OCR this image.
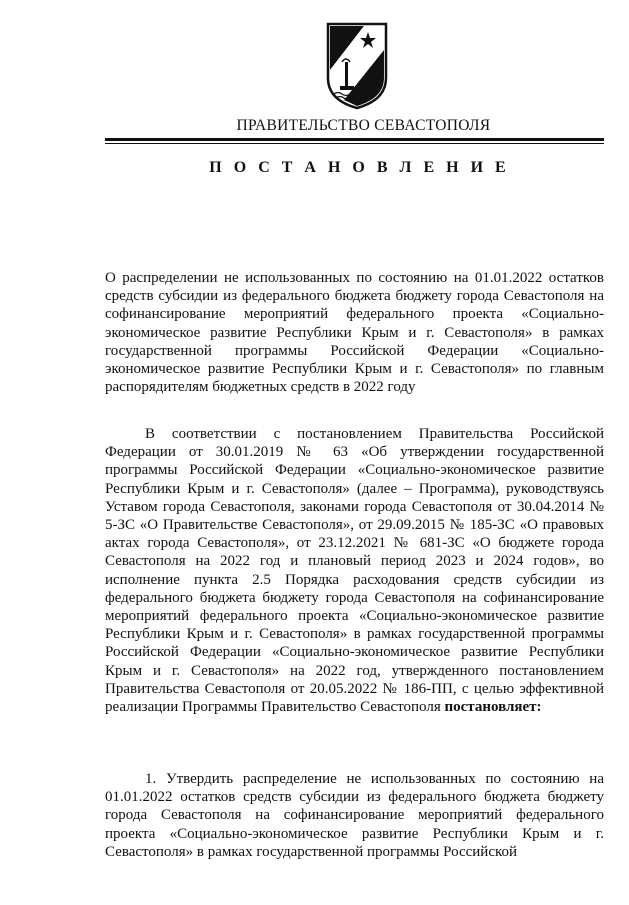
ПРАВИТЕЛЬСТВО СЕВАСТОПОЛЯ
П О С Т А Н О В Л Е Н И Е
О распределении не использованных по состоянию на 01.01.2022 остатков средств субсидии из федерального бюджета бюджету города Севастополя на софинансирование мероприятий федерального проекта «Социально-экономическое развитие Республики Крым и г. Севастополя» в рамках государственной программы Российской Федерации «Социально-экономическое развитие Республики Крым и г. Севастополя» по главным распорядителям бюджетных средств в 2022 году
В соответствии с постановлением Правительства Российской Федерации от 30.01.2019 № 63 «Об утверждении государственной программы Российской Федерации «Социально-экономическое развитие Республики Крым и г. Севастополя» (далее – Программа), руководствуясь Уставом города Севастополя, законами города Севастополя от 30.04.2014 № 5-ЗС «О Правительстве Севастополя», от 29.09.2015 № 185-ЗС «О правовых актах города Севастополя», от 23.12.2021 № 681-ЗС «О бюджете города Севастополя на 2022 год и плановый период 2023 и 2024 годов», во исполнение пункта 2.5 Порядка расходования средств субсидии из федерального бюджета бюджету города Севастополя на софинансирование мероприятий федерального проекта «Социально-экономическое развитие Республики Крым и г. Севастополя» в рамках государственной программы Российской Федерации «Социально-экономическое развитие Республики Крым и г. Севастополя» на 2022 год, утвержденного постановлением Правительства Севастополя от 20.05.2022 № 186-ПП, с целью эффективной реализации Программы Правительство Севастополя постановляет:
1. Утвердить распределение не использованных по состоянию на 01.01.2022 остатков средств субсидии из федерального бюджета бюджету города Севастополя на софинансирование мероприятий федерального проекта «Социально-экономическое развитие Республики Крым и г. Севастополя» в рамках государственной программы Российской
